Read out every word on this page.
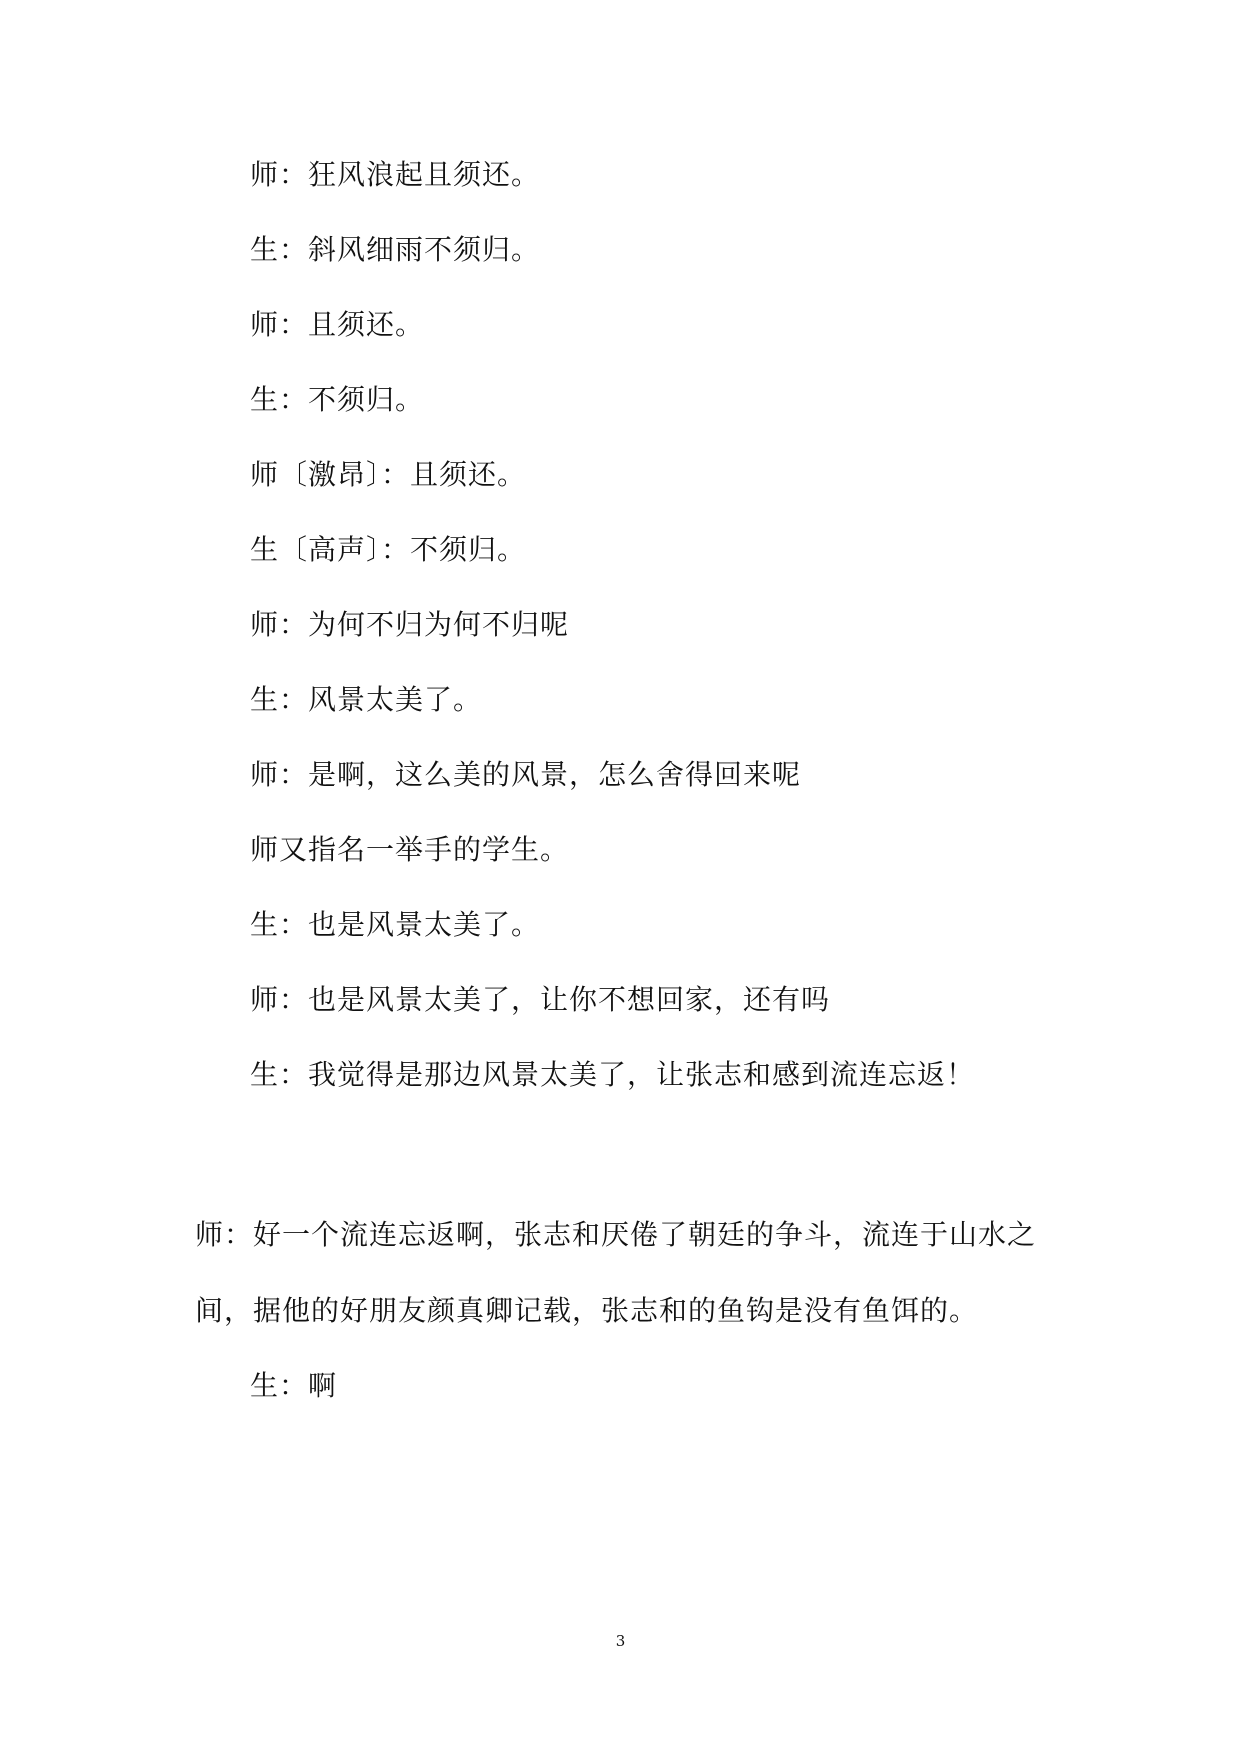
师：狂风浪起且须还。
生：斜风细雨不须归。
师：且须还。
生：不须归。
师〔激昂〕：且须还。
生〔高声〕：不须归。
师：为何不归为何不归呢
生：风景太美了。
师：是啊，这么美的风景，怎么舍得回来呢
师又指名一举手的学生。
生：也是风景太美了。
师：也是风景太美了，让你不想回家，还有吗
生：我觉得是那边风景太美了，让张志和感到流连忘返！
师：好一个流连忘返啊，张志和厌倦了朝廷的争斗，流连于山水之
间，据他的好朋友颜真卿记载，张志和的鱼钩是没有鱼饵的。
生：啊
3
